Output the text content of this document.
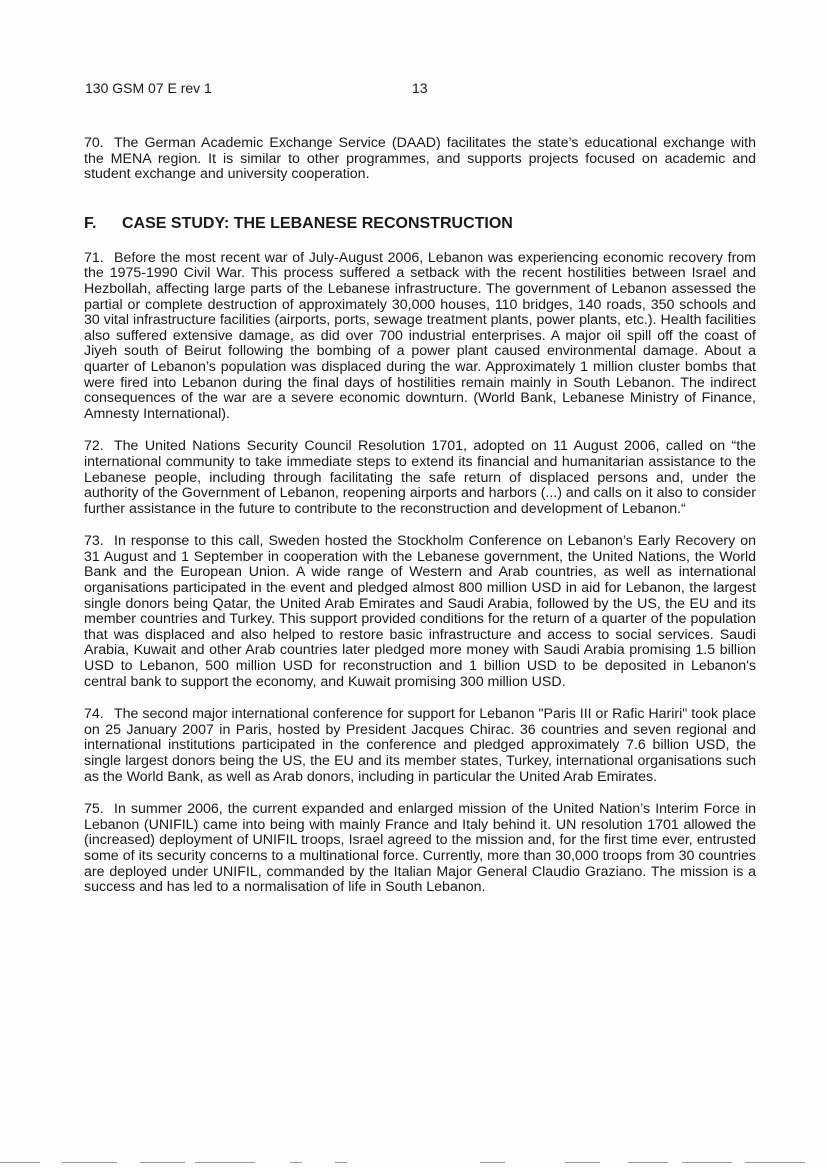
130 GSM 07 E rev 1	13

70. The German Academic Exchange Service (DAAD) facilitates the state’s educational exchange with the MENA region. It is similar to other programmes, and supports projects focused on academic and student exchange and university cooperation.

F. CASE STUDY: THE LEBANESE RECONSTRUCTION

71. Before the most recent war of July-August 2006, Lebanon was experiencing economic recovery from the 1975-1990 Civil War. This process suffered a setback with the recent hostilities between Israel and Hezbollah, affecting large parts of the Lebanese infrastructure. The government of Lebanon assessed the partial or complete destruction of approximately 30,000 houses, 110 bridges, 140 roads, 350 schools and 30 vital infrastructure facilities (airports, ports, sewage treatment plants, power plants, etc.). Health facilities also suffered extensive damage, as did over 700 industrial enterprises. A major oil spill off the coast of Jiyeh south of Beirut following the bombing of a power plant caused environmental damage. About a quarter of Lebanon’s population was displaced during the war. Approximately 1 million cluster bombs that were fired into Lebanon during the final days of hostilities remain mainly in South Lebanon. The indirect consequences of the war are a severe economic downturn. (World Bank, Lebanese Ministry of Finance, Amnesty International).

72. The United Nations Security Council Resolution 1701, adopted on 11 August 2006, called on “the international community to take immediate steps to extend its financial and humanitarian assistance to the Lebanese people, including through facilitating the safe return of displaced persons and, under the authority of the Government of Lebanon, reopening airports and harbors (...) and calls on it also to consider further assistance in the future to contribute to the reconstruction and development of Lebanon.“

73. In response to this call, Sweden hosted the Stockholm Conference on Lebanon’s Early Recovery on 31 August and 1 September in cooperation with the Lebanese government, the United Nations, the World Bank and the European Union. A wide range of Western and Arab countries, as well as international organisations participated in the event and pledged almost 800 million USD in aid for Lebanon, the largest single donors being Qatar, the United Arab Emirates and Saudi Arabia, followed by the US, the EU and its member countries and Turkey. This support provided conditions for the return of a quarter of the population that was displaced and also helped to restore basic infrastructure and access to social services. Saudi Arabia, Kuwait and other Arab countries later pledged more money with Saudi Arabia promising 1.5 billion USD to Lebanon, 500 million USD for reconstruction and 1 billion USD to be deposited in Lebanon's central bank to support the economy, and Kuwait promising 300 million USD.

74. The second major international conference for support for Lebanon "Paris III or Rafic Hariri" took place on 25 January 2007 in Paris, hosted by President Jacques Chirac. 36 countries and seven regional and international institutions participated in the conference and pledged approximately 7.6 billion USD, the single largest donors being the US, the EU and its member states, Turkey, international organisations such as the World Bank, as well as Arab donors, including in particular the United Arab Emirates.

75. In summer 2006, the current expanded and enlarged mission of the United Nation’s Interim Force in Lebanon (UNIFIL) came into being with mainly France and Italy behind it. UN resolution 1701 allowed the (increased) deployment of UNIFIL troops, Israel agreed to the mission and, for the first time ever, entrusted some of its security concerns to a multinational force. Currently, more than 30,000 troops from 30 countries are deployed under UNIFIL, commanded by the Italian Major General Claudio Graziano. The mission is a success and has led to a normalisation of life in South Lebanon.
